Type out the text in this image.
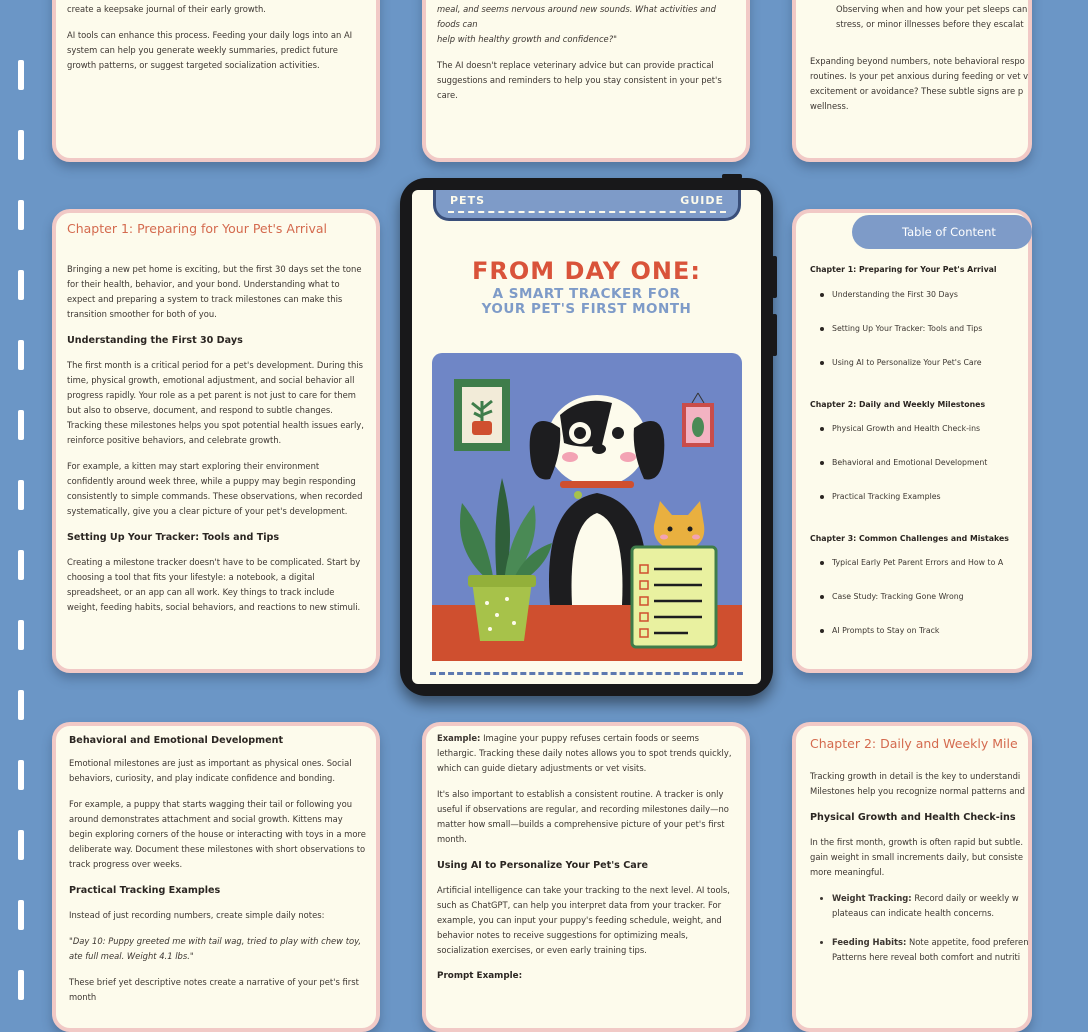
create a keepsake journal of their early growth.

AI tools can enhance this process. Feeding your daily logs into an AI system can help you generate weekly summaries, predict future growth patterns, or suggest targeted socialization activities.

meal, and seems nervous around new sounds. What activities and foods can
help with healthy growth and confidence?"

The AI doesn't replace veterinary advice but can provide practical suggestions and reminders to help you stay consistent in your pet's care.

Observing when and how your pet sleeps can
stress, or minor illnesses before they escalat

Expanding beyond numbers, note behavioral respo
routines. Is your pet anxious during feeding or vet v
excitement or avoidance? These subtle signs are p
wellness.

Chapter 1: Preparing for Your Pet's Arrival

Bringing a new pet home is exciting, but the first 30 days set the tone for their health, behavior, and your bond. Understanding what to expect and preparing a system to track milestones can make this transition smoother for both of you.

Understanding the First 30 Days

The first month is a critical period for a pet's development. During this time, physical growth, emotional adjustment, and social behavior all progress rapidly. Your role as a pet parent is not just to care for them but also to observe, document, and respond to subtle changes. Tracking these milestones helps you spot potential health issues early, reinforce positive behaviors, and celebrate growth.

For example, a kitten may start exploring their environment confidently around week three, while a puppy may begin responding consistently to simple commands. These observations, when recorded systematically, give you a clear picture of your pet's development.

Setting Up Your Tracker: Tools and Tips

Creating a milestone tracker doesn't have to be complicated. Start by choosing a tool that fits your lifestyle: a notebook, a digital spreadsheet, or an app can all work. Key things to track include weight, feeding habits, social behaviors, and reactions to new stimuli.

Table of Content

Chapter 1: Preparing for Your Pet's Arrival

Understanding the First 30 Days

Setting Up Your Tracker: Tools and Tips

Using AI to Personalize Your Pet's Care

Chapter 2: Daily and Weekly Milestones

Physical Growth and Health Check-ins

Behavioral and Emotional Development

Practical Tracking Examples

Chapter 3: Common Challenges and Mistakes

Typical Early Pet Parent Errors and How to A

Case Study: Tracking Gone Wrong

AI Prompts to Stay on Track

Behavioral and Emotional Development

Emotional milestones are just as important as physical ones. Social behaviors, curiosity, and play indicate confidence and bonding.

For example, a puppy that starts wagging their tail or following you around demonstrates attachment and social growth. Kittens may begin exploring corners of the house or interacting with toys in a more deliberate way. Document these milestones with short observations to track progress over weeks.

Practical Tracking Examples

Instead of just recording numbers, create simple daily notes:

"Day 10: Puppy greeted me with tail wag, tried to play with chew toy, ate full meal. Weight 4.1 lbs."

These brief yet descriptive notes create a narrative of your pet's first month

Example: Imagine your puppy refuses certain foods or seems lethargic. Tracking these daily notes allows you to spot trends quickly, which can guide dietary adjustments or vet visits.

It's also important to establish a consistent routine. A tracker is only useful if observations are regular, and recording milestones daily—no matter how small—builds a comprehensive picture of your pet's first month.

Using AI to Personalize Your Pet's Care

Artificial intelligence can take your tracking to the next level. AI tools, such as ChatGPT, can help you interpret data from your tracker. For example, you can input your puppy's feeding schedule, weight, and behavior notes to receive suggestions for optimizing meals, socialization exercises, or even early training tips.

Prompt Example:
Chapter 2: Daily and Weekly Mile

Tracking growth in detail is the key to understandi
Milestones help you recognize normal patterns and

Physical Growth and Health Check-ins

In the first month, growth is often rapid but subtle.
gain weight in small increments daily, but consiste
more meaningful.

• Weight Tracking: Record daily or weekly w
plateaus can indicate health concerns.
• Feeding Habits: Note appetite, food preferen
Patterns here reveal both comfort and nutriti
PETS	GUIDE
FROM DAY ONE:
A SMART TRACKER FOR
YOUR PET'S FIRST MONTH
